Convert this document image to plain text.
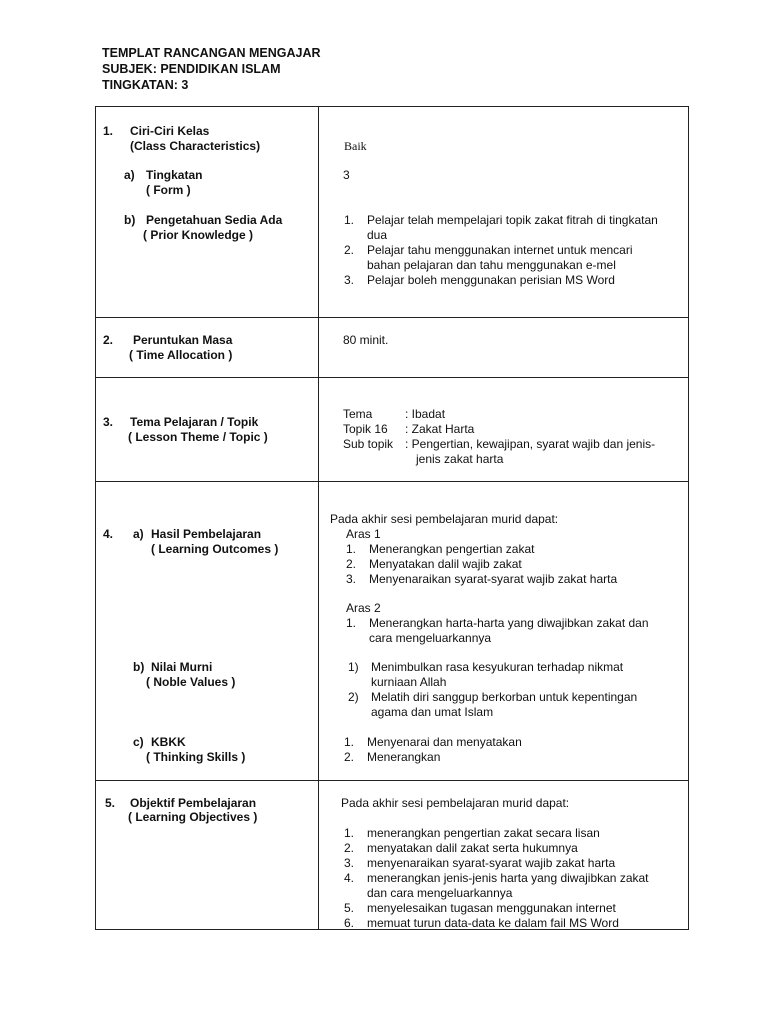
TEMPLAT RANCANGAN MENGAJAR
SUBJEK: PENDIDIKAN ISLAM
TINGKATAN: 3
1. Ciri-Ciri Kelas
(Class Characteristics)
a) Tingkatan
( Form )
b) Pengetahuan Sedia Ada
( Prior Knowledge )
Baik
3
1. Pelajar telah mempelajari topik zakat fitrah di tingkatan
dua
2. Pelajar tahu menggunakan internet untuk mencari
bahan pelajaran dan tahu menggunakan e-mel
3. Pelajar boleh menggunakan perisian MS Word
2. Peruntukan Masa
( Time Allocation )
80 minit.
3. Tema Pelajaran / Topik
( Lesson Theme / Topic )
Tema	: Ibadat
Topik 16 : Zakat Harta
Sub topik : Pengertian, kewajipan, syarat wajib dan jenis-
jenis zakat harta
4. a) Hasil Pembelajaran
( Learning Outcomes )
b) Nilai Murni
( Noble Values )
c) KBKK
( Thinking Skills )
Pada akhir sesi pembelajaran murid dapat:
Aras 1
1. Menerangkan pengertian zakat
2. Menyatakan dalil wajib zakat
3. Menyenaraikan syarat-syarat wajib zakat harta
Aras 2
1. Menerangkan harta-harta yang diwajibkan zakat dan
cara mengeluarkannya
1) Menimbulkan rasa kesyukuran terhadap nikmat
kurniaan Allah
2) Melatih diri sanggup berkorban untuk kepentingan
agama dan umat Islam
1. Menyenarai dan menyatakan
2. Menerangkan
5. Objektif Pembelajaran
( Learning Objectives )
Pada akhir sesi pembelajaran murid dapat:
1. menerangkan pengertian zakat secara lisan
2. menyatakan dalil zakat serta hukumnya
3. menyenaraikan syarat-syarat wajib zakat harta
4. menerangkan jenis-jenis harta yang diwajibkan zakat
dan cara mengeluarkannya
5. menyelesaikan tugasan menggunakan internet
6. memuat turun data-data ke dalam fail MS Word
